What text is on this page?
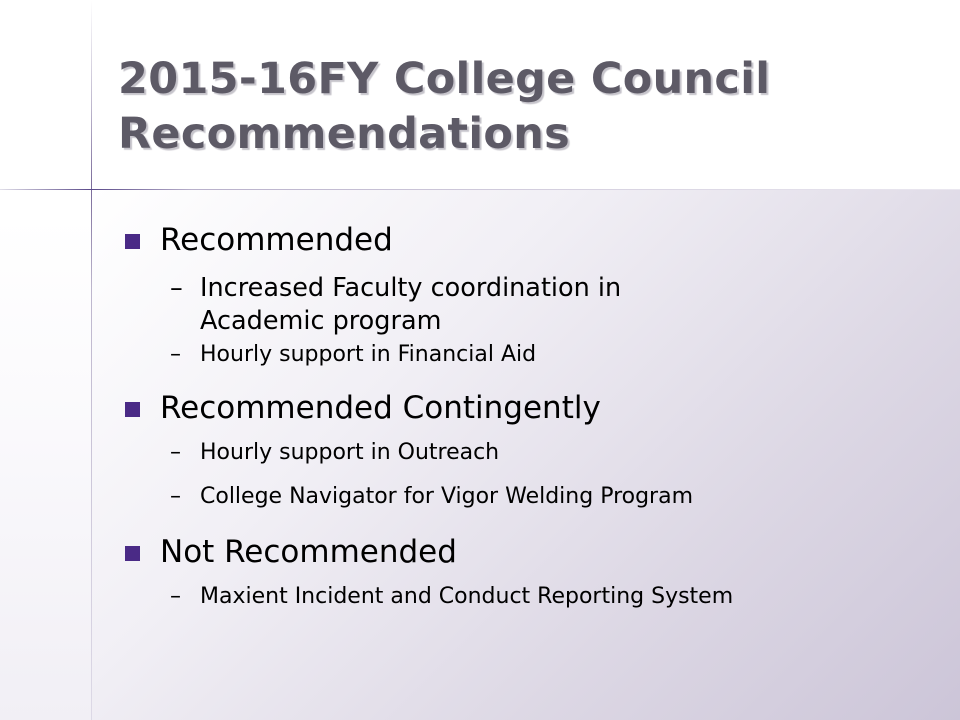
2015-16FY College Council
Recommendations

Recommended

– Increased Faculty coordination in
Academic program

– Hourly support in Financial Aid

Recommended Contingently

– Hourly support in Outreach

– College Navigator for Vigor Welding Program

Not Recommended

– Maxient Incident and Conduct Reporting System
